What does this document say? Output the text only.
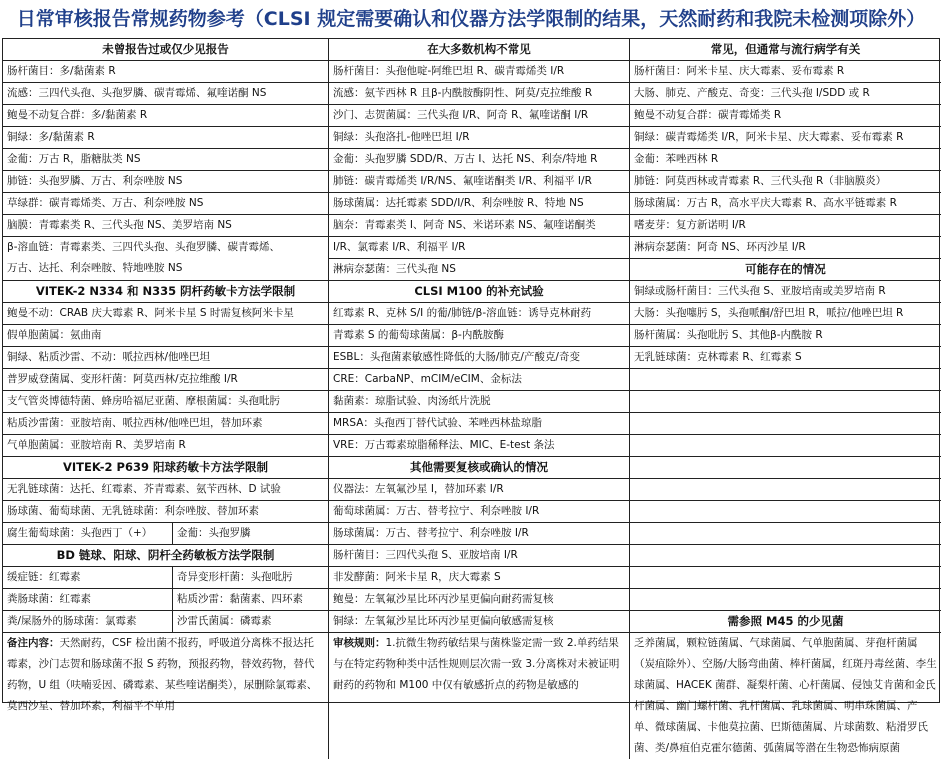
日常审核报告常规药物参考（CLSI 规定需要确认和仪器方法学限制的结果，天然耐药和我院未检测项除外）
未曾报告过或仅少见报告
肠杆菌目：多/黏菌素 R
流感：三四代头孢、头孢罗膦、碳青霉烯、氟喹诺酮 NS
鲍曼不动复合群：多/黏菌素 R
铜绿：多/黏菌素 R
金葡：万古 R，脂糖肽类 NS
肺链：头孢罗膦、万古、利奈唑胺 NS
草绿群：碳青霉烯类、万古、利奈唑胺 NS
脑膜：青霉素类 R、三代头孢 NS、美罗培南 NS
β-溶血链：青霉素类、三四代头孢、头孢罗膦、碳青霉烯、
万古、达托、利奈唑胺、特地唑胺 NS
VITEK-2 N334 和 N335 阴杆药敏卡方法学限制
鲍曼不动：CRAB 庆大霉素 R、阿米卡星 S 时需复核阿米卡星
假单胞菌属：氨曲南
铜绿、粘质沙雷、不动：哌拉西林/他唑巴坦
普罗威登菌属、变形杆菌：阿莫西林/克拉维酸 I/R
支气管炎博德特菌、蜂房哈福尼亚菌、摩根菌属：头孢吡肟
粘质沙雷菌：亚胺培南、哌拉西林/他唑巴坦，替加环素
气单胞菌属：亚胺培南 R、美罗培南 R
VITEK-2 P639 阳球药敏卡方法学限制
无乳链球菌：达托、红霉素、芥青霉素、氨苄西林、D 试验
肠球菌、葡萄球菌、无乳链球菌：利奈唑胺、替加环素
腐生葡萄球菌：头孢西丁（+）	金葡：头孢罗膦
BD 链球、阳球、阴杆全药敏板方法学限制
缓症链：红霉素	奇异变形杆菌：头孢吡肟
粪肠球菌：红霉素	粘质沙雷：黏菌素、四环素
粪/屎肠外的肠球菌：氯霉素	沙雷氏菌属：磷霉素
备注内容：天然耐药，CSF 检出菌不报药，呼吸道分离株不报达托霉素，沙门志贺和肠球菌不报 S 药物，预报药物，替效药物，替代药物，U 组（呋喃妥因、磷霉素、某些喹诺酮类），尿删除氯霉素、莫西沙星、替加环素，利福平不单用
在大多数机构不常见
肠杆菌目：头孢他啶-阿维巴坦 R、碳青霉烯类 I/R
流感：氨苄西林 R 且β-内酰胺酶阴性、阿莫/克拉维酸 R
沙门、志贺菌属：三代头孢 I/R、阿奇 R、氟喹诺酮 I/R
铜绿：头孢洛扎-他唑巴坦 I/R
金葡：头孢罗膦 SDD/R、万古 I、达托 NS、利奈/特地 R
肺链：碳青霉烯类 I/R/NS、氟喹诺酮类 I/R、利福平 I/R
肠球菌属：达托霉素 SDD/I/R、利奈唑胺 R、特地 NS
脑奈：青霉素类 I、阿奇 NS、米诺环素 NS、氟喹诺酮类
I/R、氯霉素 I/R、利福平 I/R
淋病奈瑟菌：三代头孢 NS
CLSI M100 的补充试验
红霉素 R、克林 S/I 的葡/肺链/β-溶血链：诱导克林耐药
青霉素 S 的葡萄球菌属：β-内酰胺酶
ESBL：头孢菌素敏感性降低的大肠/肺克/产酸克/奇变
CRE：CarbaNP、mCIM/eCIM、金标法
黏菌素：琼脂试验、肉汤纸片洗脱
MRSA：头孢西丁替代试验、苯唑西林盐琼脂
VRE：万古霉素琼脂稀释法、MIC、E-test 条法
其他需要复核或确认的情况
仪器法：左氧氟沙星 I，替加环素 I/R
葡萄球菌属：万古、替考拉宁、利奈唑胺 I/R
肠球菌属：万古、替考拉宁、利奈唑胺 I/R
肠杆菌目：三四代头孢 S、亚胺培南 I/R
非发酵菌：阿米卡星 R，庆大霉素 S
鲍曼：左氧氟沙星比环丙沙星更偏向耐药需复核
铜绿：左氧氟沙星比环丙沙星更偏向敏感需复核
审核规则：1.抗微生物药敏结果与菌株鉴定需一致 2.单药结果与在特定药物种类中活性规则层次需一致 3.分离株对未被证明耐药的药物和 M100 中仅有敏感折点的药物是敏感的
常见，但通常与流行病学有关
肠杆菌目：阿米卡星、庆大霉素、妥布霉素 R
大肠、肺克、产酸克、奇变：三代头孢 I/SDD 或 R
鲍曼不动复合群：碳青霉烯类 R
铜绿：碳青霉烯类 I/R，阿米卡星、庆大霉素、妥布霉素 R
金葡：苯唑西林 R
肺链：阿莫西林或青霉素 R、三代头孢 R（非脑膜炎）
肠球菌属：万古 R，高水平庆大霉素 R、高水平链霉素 R
嗜麦芽：复方新诺明 I/R
淋病奈瑟菌：阿奇 NS、环丙沙星 I/R
可能存在的情况
铜绿或肠杆菌目：三代头孢 S、亚胺培南或美罗培南 R
大肠：头孢噻肟 S，头孢哌酮/舒巴坦 R，哌拉/他唑巴坦 R
肠杆菌属：头孢吡肟 S、其他β-内酰胺 R
无乳链球菌：克林霉素 R、红霉素 S
需参照 M45 的少见菌
乏养菌属，颗粒链菌属、气球菌属、气单胞菌属、芽孢杆菌属（炭疽除外）、空肠/大肠弯曲菌、棒杆菌属，红斑丹毒丝菌、李生球菌属、HACEK 菌群、凝梨杆菌、心杆菌属、侵蚀艾肯菌和金氏杆菌属、幽门螺杆菌、乳杆菌属、乳球菌属、明串珠菌属、产单、微球菌属、卡他莫拉菌、巴斯德菌属、片球菌数、粘滑罗氏菌、类/鼻疽伯克霍尔德菌、弧菌属等潜在生物恐怖病原菌
